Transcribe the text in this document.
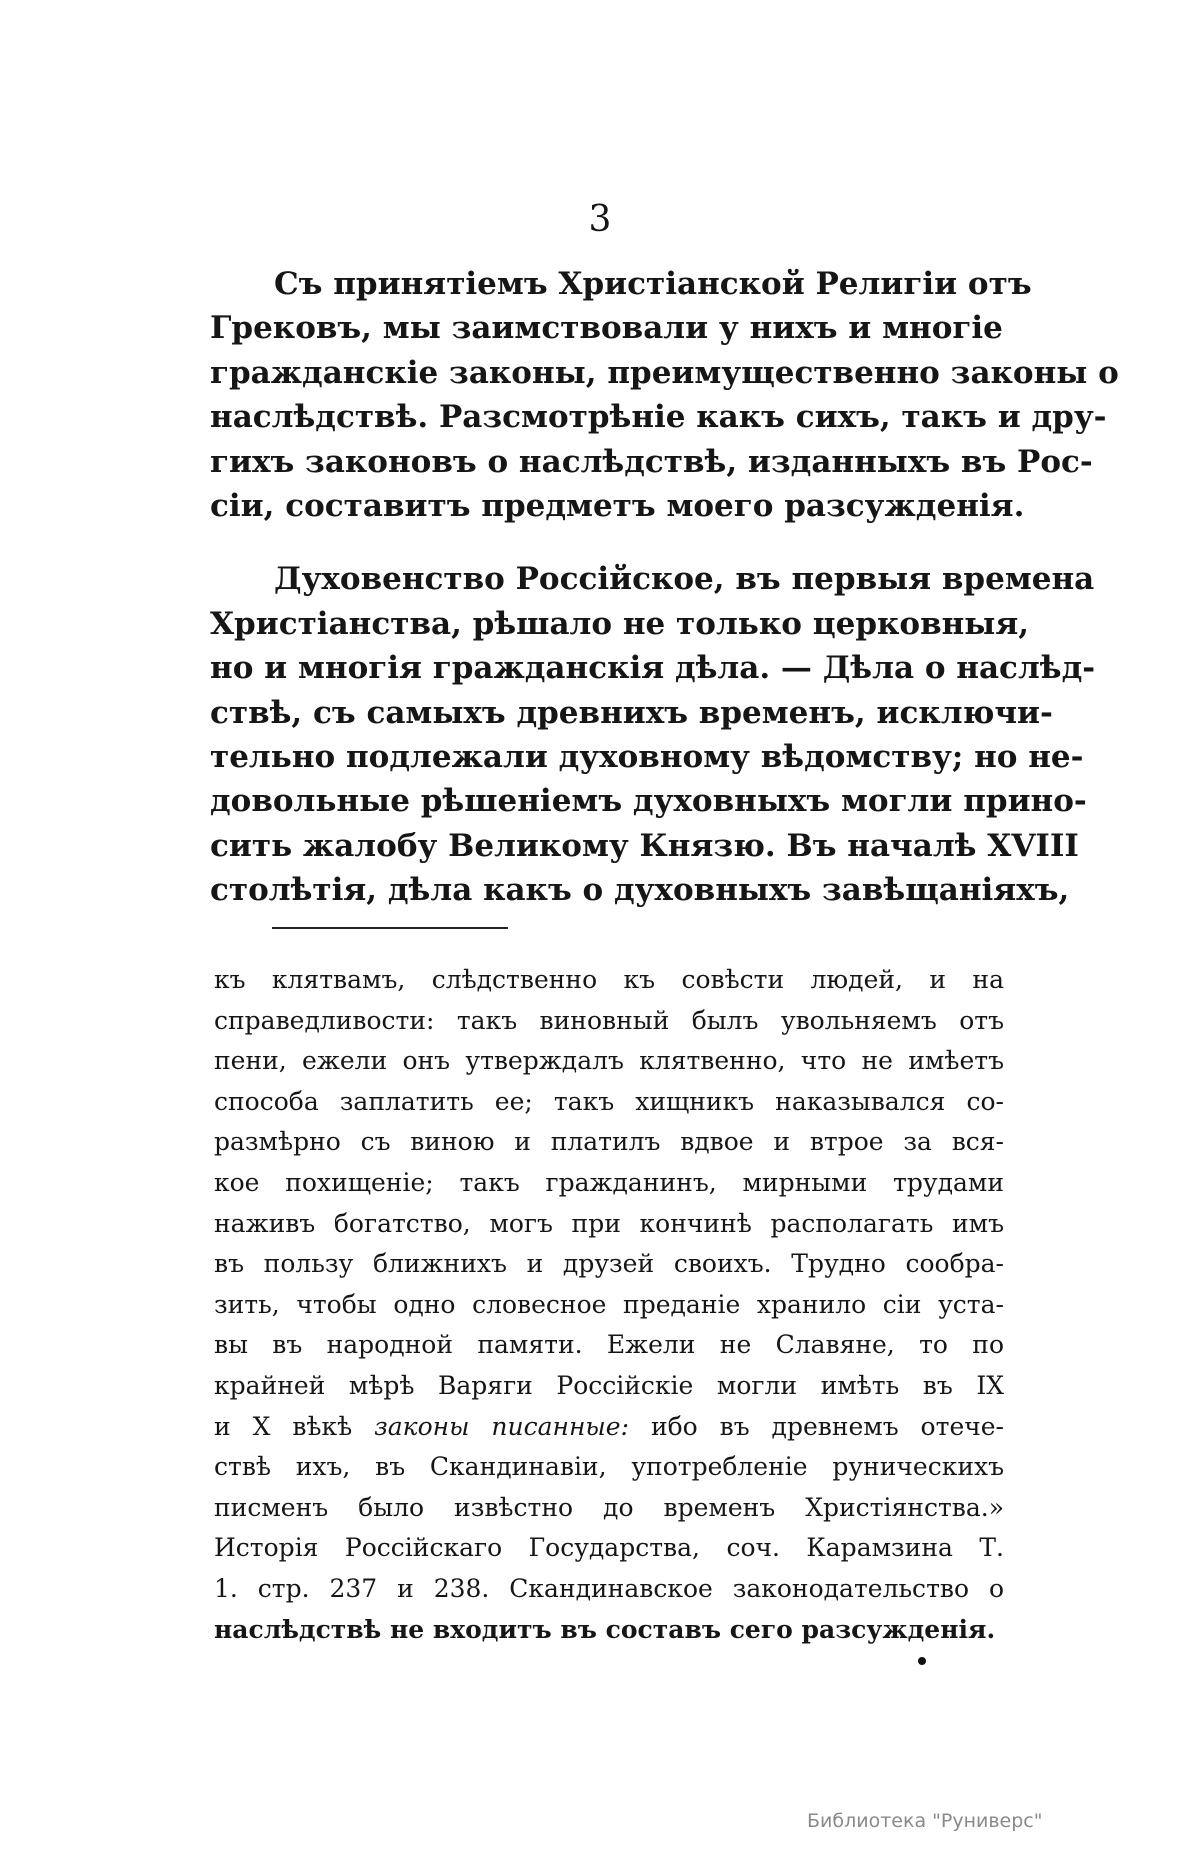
3
Съ принятіемъ Христіанской Религіи отъ
Грековъ, мы заимствовали у нихъ и многіе
гражданскіе законы, преимущественно законы о
наслѣдствѣ. Разсмотрѣніе какъ сихъ, такъ и дру-
гихъ законовъ о наслѣдствѣ, изданныхъ въ Рос-
сіи, составитъ предметъ моего разсужденія.
Духовенство Россійское, въ первыя времена
Христіанства, рѣшало не только церковныя,
но и многія гражданскія дѣла. — Дѣла о наслѣд-
ствѣ, съ самыхъ древнихъ временъ, исключи-
тельно подлежали духовному вѣдомству; но не-
довольные рѣшеніемъ духовныхъ могли прино-
сить жалобу Великому Князю. Въ началѣ XVIII
столѣтія, дѣла какъ о духовныхъ завѣщаніяхъ,
къ клятвамъ, слѣдственно къ совѣсти людей, и на
справедливости: такъ виновный былъ увольняемъ отъ
пени, ежели онъ утверждалъ клятвенно, что не имѣетъ
способа заплатить ее; такъ хищникъ наказывался со-
размѣрно съ виною и платилъ вдвое и втрое за вся-
кое похищеніе; такъ гражданинъ, мирными трудами
наживъ богатство, могъ при кончинѣ располагать имъ
въ пользу ближнихъ и друзей своихъ. Трудно сообра-
зить, чтобы одно словесное преданіе хранило сіи уста-
вы въ народной памяти. Ежели не Славяне, то по
крайней мѣрѣ Варяги Россійскіе могли имѣть въ IX
и X вѣкѣ законы писанные: ибо въ древнемъ отече-
ствѣ ихъ, въ Скандинавіи, употребленіе руническихъ
писменъ было извѣстно до временъ Христіянства.»
Исторія Россійскаго Государства, соч. Карамзина Т.
1. стр. 237 и 238. Скандинавское законодательство о
наслѣдствѣ не входитъ въ составъ сего разсужденія.
Библиотека "Руниверс"
